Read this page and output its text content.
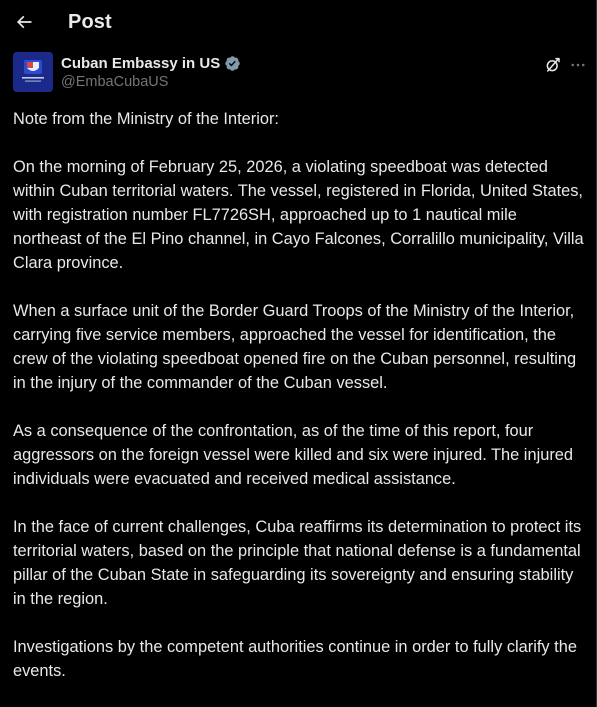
Post
Cuban Embassy in US
@EmbaCubaUS

Note from the Ministry of the Interior:

On the morning of February 25, 2026, a violating speedboat was detected within Cuban territorial waters. The vessel, registered in Florida, United States, with registration number FL7726SH, approached up to 1 nautical mile northeast of the El Pino channel, in Cayo Falcones, Corralillo municipality, Villa Clara province.

When a surface unit of the Border Guard Troops of the Ministry of the Interior, carrying five service members, approached the vessel for identification, the crew of the violating speedboat opened fire on the Cuban personnel, resulting in the injury of the commander of the Cuban vessel.

As a consequence of the confrontation, as of the time of this report, four aggressors on the foreign vessel were killed and six were injured. The injured individuals were evacuated and received medical assistance.

In the face of current challenges, Cuba reaffirms its determination to protect its territorial waters, based on the principle that national defense is a fundamental pillar of the Cuban State in safeguarding its sovereignty and ensuring stability in the region.

Investigations by the competent authorities continue in order to fully clarify the events.
